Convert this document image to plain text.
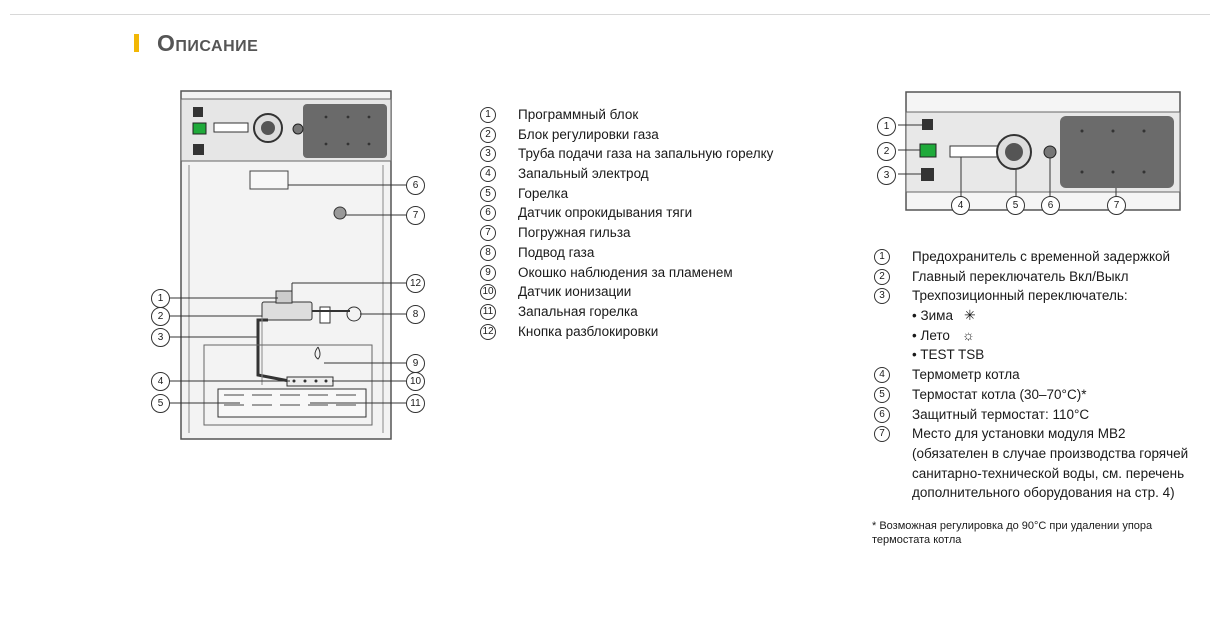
Описание
1
2
3
4
5
6
7
8
9
10
11
12
1	Программный блок
2	Блок регулировки газа
3	Труба подачи газа на запальную горелку
4	Запальный электрод
5	Горелка
6	Датчик опрокидывания тяги
7	Погружная гильза
8	Подвод газа
9	Окошко наблюдения за пламенем
10 Датчик ионизации
11 Запальная горелка
12 Кнопка разблокировки
1
2
3
4	5	6	7
1	Предохранитель с временной задержкой
2	Главный переключатель Вкл/Выкл
3	Трехпозиционный переключатель:
• Зима ✳
• Лето ☼
• TEST TSB
4	Термометр котла
5	Термостат котла (30–70°C)*
6	Защитный термостат: 110°C
7	Место для установки модуля MB2
(обязателен в случае производства горячей
санитарно-технической воды, см. перечень
дополнительного оборудования на стр. 4)
* Возможная регулировка до 90°C при удалении упора термостата котла
